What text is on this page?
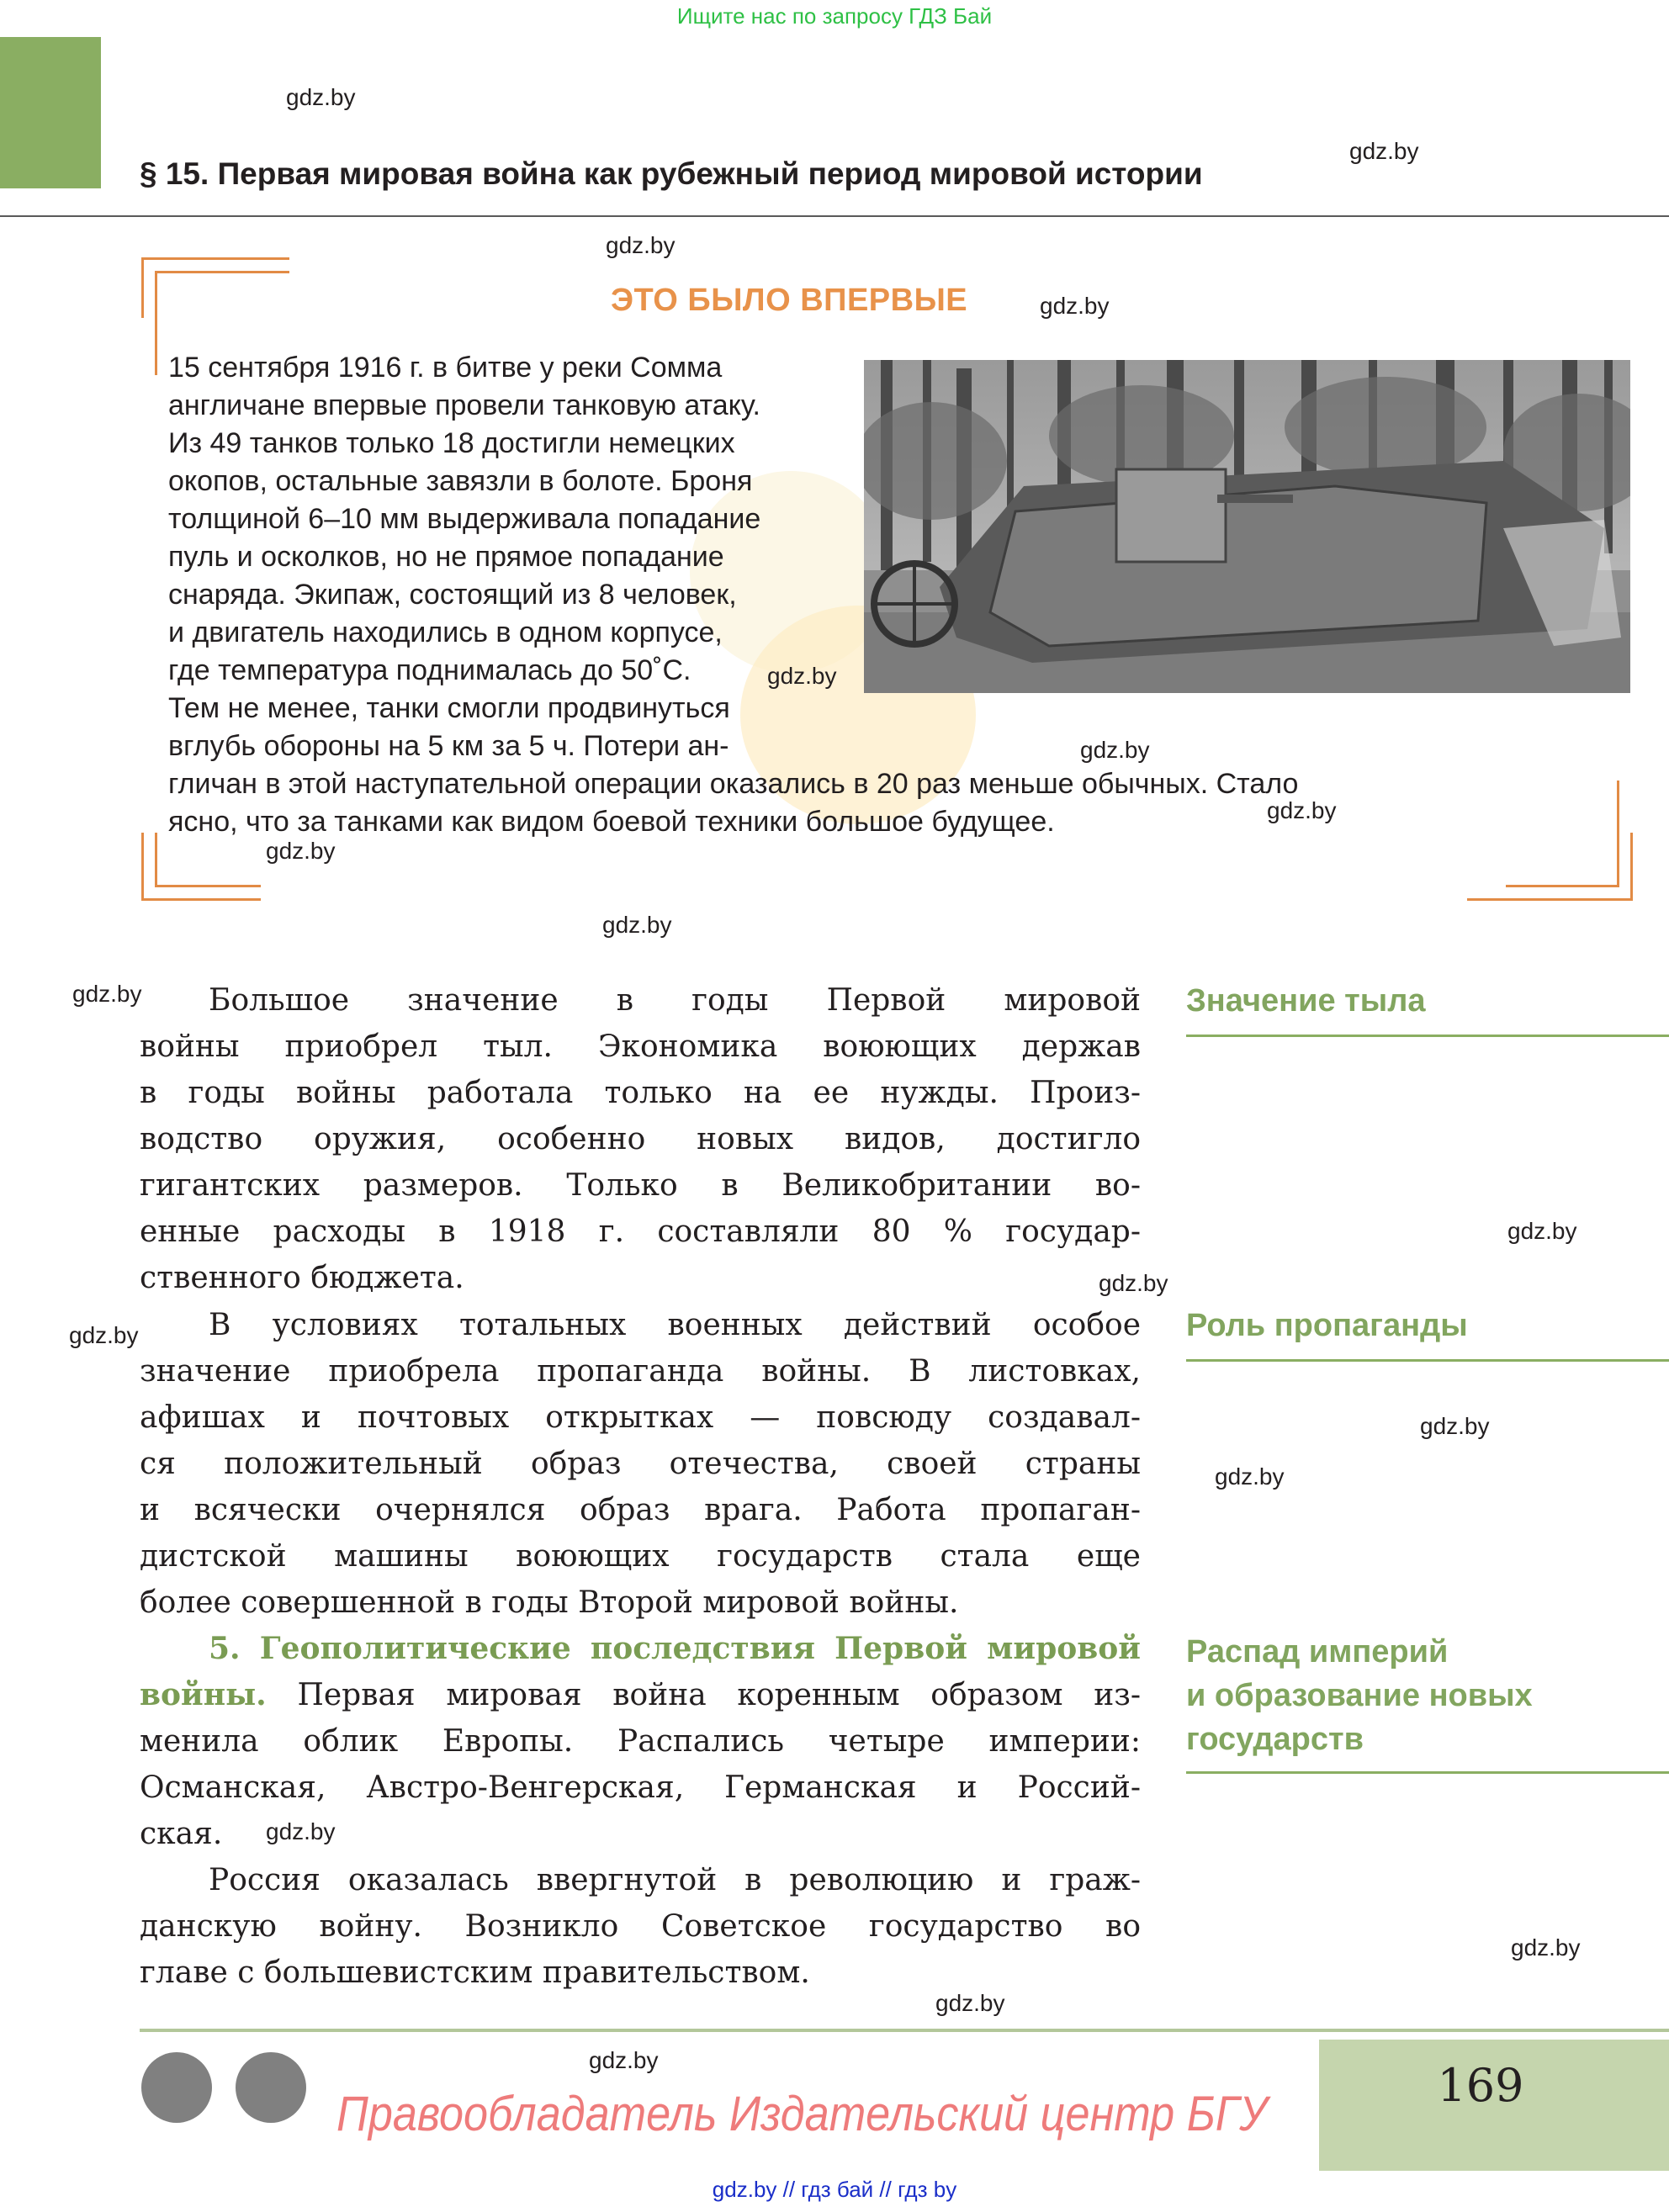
Ищите нас по запросу ГДЗ Бай
gdz.by
gdz.by
§ 15. Первая мировая война как рубежный период мировой истории
gdz.by
ЭТО БЫЛО ВПЕРВЫЕ	gdz.by
15 сентября 1916 г. в битве у реки Сомма
англичане впервые провели танковую атаку.
Из 49 танков только 18 достигли немецких
окопов, остальные завязли в болоте. Броня
толщиной 6–10 мм выдерживала попадание
пуль и осколков, но не прямое попадание
снаряда. Экипаж, состоящий из 8 человек,
и двигатель находились в одном корпусе,
где температура поднималась до 50˚С.
Тем не менее, танки смогли продвинуться
вглубь обороны на 5 км за 5 ч. Потери ан-
гличан в этой наступательной операции оказались в 20 раз меньше обычных. Стало
ясно, что за танками как видом боевой техники большое будущее.
gdz.by
gdz.by
gdz.by
gdz.by
gdz.by
gdz.by	Большое значение в годы Первой мировой
войны приобрел тыл. Экономика воюющих держав
в годы войны работала только на ее нужды. Произ-
водство оружия, особенно новых видов, достигло
гигантских размеров. Только в Великобритании во-
енные расходы в 1918 г. составляли 80 % государ-
ственного бюджета.	gdz.by
gdz.by	В условиях тотальных военных действий особое
значение приобрела пропаганда войны. В листовках,
афишах и почтовых открытках — повсюду создавал-
ся положительный образ отечества, своей страны
и всячески очернялся образ врага. Работа пропаган-
дистской машины воюющих государств стала еще
более совершенной в годы Второй мировой войны.
5. Геополитические последствия Первой мировой
войны. Первая мировая война коренным образом из-
менила облик Европы. Распались четыре империи:
Османская, Австро-Венгерская, Германская и Россий-
ская.	gdz.by
Россия оказалась ввергнутой в революцию и граж-
данскую войну. Возникло Советское государство во
главе с большевистским правительством.
gdz.by
Значение тыла
gdz.by
Роль пропаганды
gdz.by
gdz.by
Распад империй
и образование новых
государств
gdz.by
gdz.by	169
Правообладатель Издательский центр БГУ
gdz.by // гдз бай // гдз by
